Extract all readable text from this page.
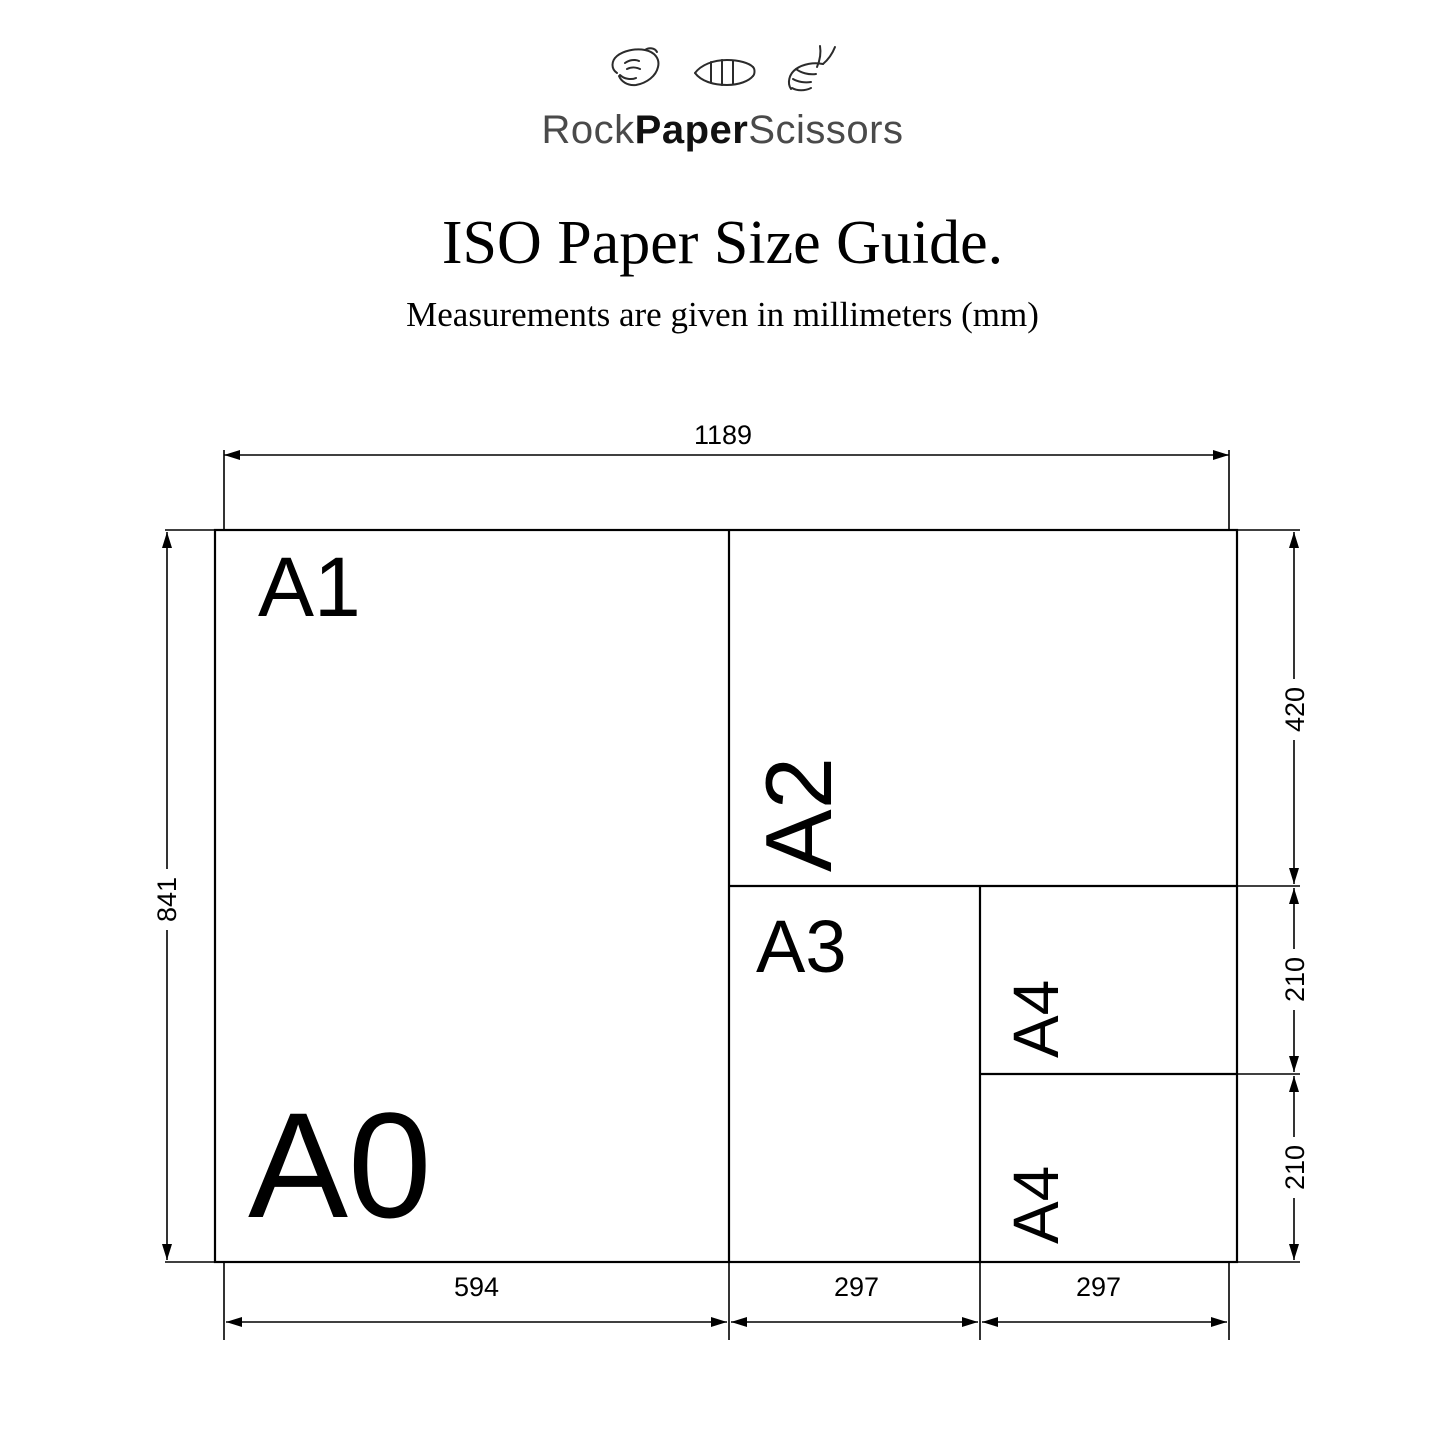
RockPaperScissors
ISO Paper Size Guide.
Measurements are given in millimeters (mm)
A1
A2
A3
A4
A4
A0
1189
841
420
210
210
594	297	297
